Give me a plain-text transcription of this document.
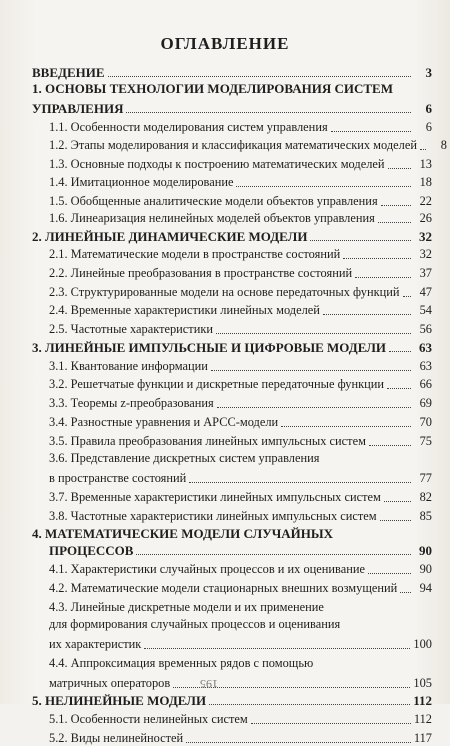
ОГЛАВЛЕНИЕ
ВВЕДЕНИЕ	3
1. ОСНОВЫ ТЕХНОЛОГИИ МОДЕЛИРОВАНИЯ СИСТЕМ
УПРАВЛЕНИЯ	6
1.1. Особенности моделирования систем управления	6
1.2. Этапы моделирования и классификация математических моделей	8
1.3. Основные подходы к построению математических моделей	13
1.4. Имитационное моделирование	18
1.5. Обобщенные аналитические модели объектов управления	22
1.6. Линеаризация нелинейных моделей объектов управления	26
2. ЛИНЕЙНЫЕ ДИНАМИЧЕСКИЕ МОДЕЛИ	32
2.1. Математические модели в пространстве состояний	32
2.2. Линейные преобразования в пространстве состояний	37
2.3. Структурированные модели на основе передаточных функций	47
2.4. Временные характеристики линейных моделей	54
2.5. Частотные характеристики	56
3. ЛИНЕЙНЫЕ ИМПУЛЬСНЫЕ И ЦИФРОВЫЕ МОДЕЛИ	63
3.1. Квантование информации	63
3.2. Решетчатые функции и дискретные передаточные функции	66
3.3. Теоремы z-преобразования	69
3.4. Разностные уравнения и АРСС-модели	70
3.5. Правила преобразования линейных импульсных систем	75
3.6. Представление дискретных систем управления
в пространстве состояний	77
3.7. Временные характеристики линейных импульсных систем	82
3.8. Частотные характеристики линейных импульсных систем	85
4. МАТЕМАТИЧЕСКИЕ МОДЕЛИ СЛУЧАЙНЫХ
ПРОЦЕССОВ	90
4.1. Характеристики случайных процессов и их оценивание	90
4.2. Математические модели стационарных внешних возмущений	94
4.3. Линейные дискретные модели и их применение
для формирования случайных процессов и оценивания
их характеристик	100
4.4. Аппроксимация временных рядов с помощью
матричных операторов	105
5. НЕЛИНЕЙНЫЕ МОДЕЛИ	112
5.1. Особенности нелинейных систем	112
5.2. Виды нелинейностей	117
195
